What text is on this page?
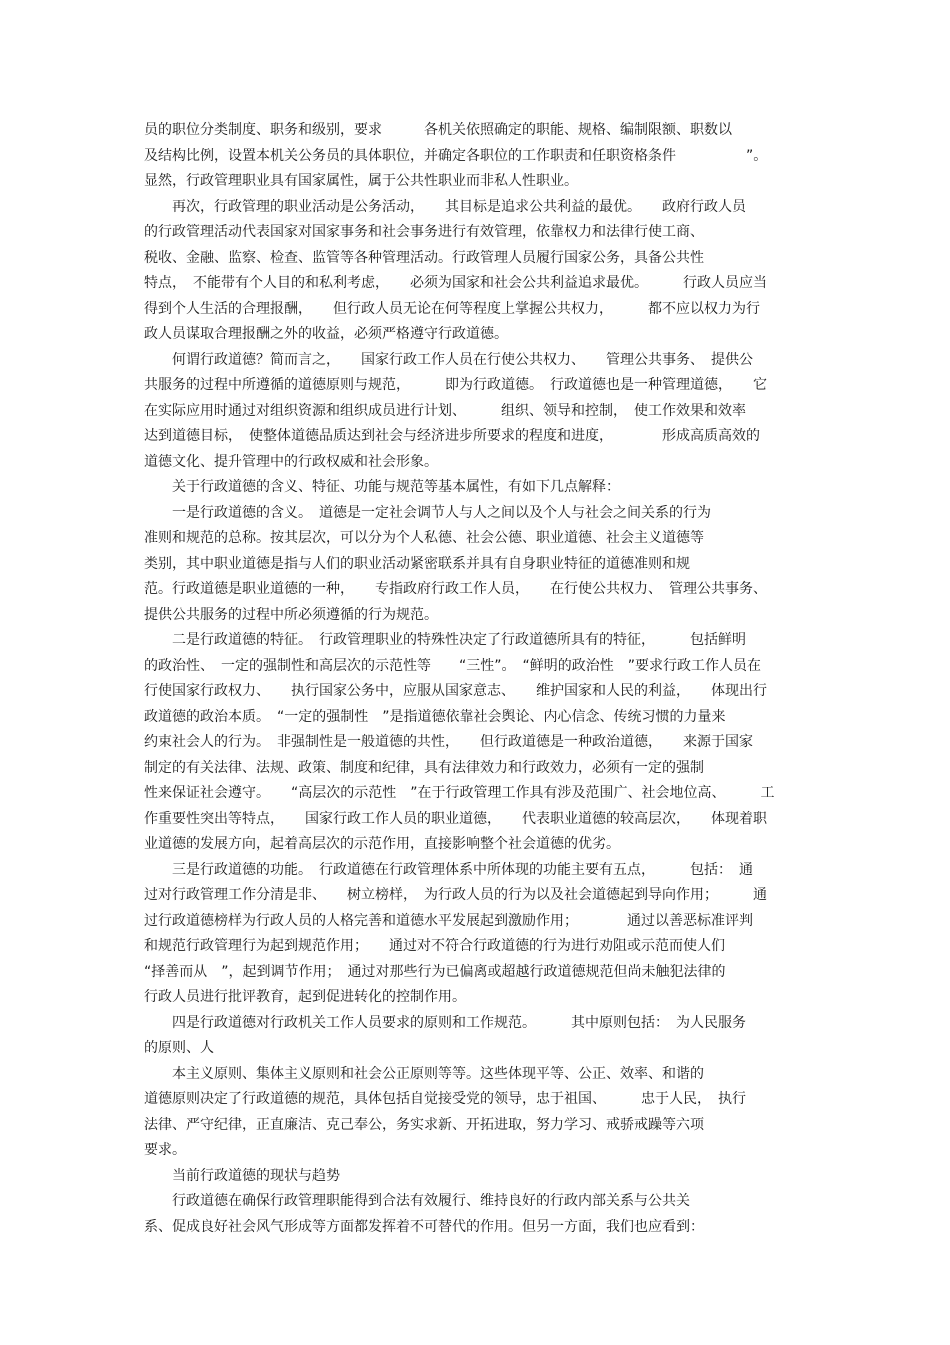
员的职位分类制度、职务和级别，要求　　　各机关依照确定的职能、规格、编制限额、职数以
及结构比例，设置本机关公务员的具体职位，并确定各职位的工作职责和任职资格条件　　　　　”。
显然，行政管理职业具有国家属性，属于公共性职业而非私人性职业。
　　再次，行政管理的职业活动是公务活动，　　其目标是追求公共利益的最优。　　政府行政人员
的行政管理活动代表国家对国家事务和社会事务进行有效管理，依靠权力和法律行使工商、
税收、金融、监察、检查、监管等各种管理活动。行政管理人员履行国家公务，具备公共性
特点，　不能带有个人目的和私利考虑，　　必须为国家和社会公共利益追求最优。　　　行政人员应当
得到个人生活的合理报酬，　　但行政人员无论在何等程度上掌握公共权力，　　　都不应以权力为行
政人员谋取合理报酬之外的收益，必须严格遵守行政道德。
　　何谓行政道德？简而言之，　　国家行政工作人员在行使公共权力、　　管理公共事务、　提供公
共服务的过程中所遵循的道德原则与规范，　　　即为行政道德。　行政道德也是一种管理道德，　　它
在实际应用时通过对组织资源和组织成员进行计划、　　　组织、领导和控制，　使工作效果和效率
达到道德目标，　使整体道德品质达到社会与经济进步所要求的程度和进度，　　　　形成高质高效的
道德文化、提升管理中的行政权威和社会形象。
　　关于行政道德的含义、特征、功能与规范等基本属性，有如下几点解释：
　　一是行政道德的含义。　道德是一定社会调节人与人之间以及个人与社会之间关系的行为
准则和规范的总称。按其层次，可以分为个人私德、社会公德、职业道德、社会主义道德等
类别，其中职业道德是指与人们的职业活动紧密联系并具有自身职业特征的道德准则和规
范。行政道德是职业道德的一种，　　专指政府行政工作人员，　　在行使公共权力、　管理公共事务、
提供公共服务的过程中所必须遵循的行为规范。
　　二是行政道德的特征。　行政管理职业的特殊性决定了行政道德所具有的特征，　　　包括鲜明
的政治性、　一定的强制性和高层次的示范性等　　“三性”。　“鲜明的政治性　”要求行政工作人员在
行使国家行政权力、　　执行国家公务中，应服从国家意志、　　维护国家和人民的利益，　　体现出行
政道德的政治本质。　“一定的强制性　”是指道德依靠社会舆论、内心信念、传统习惯的力量来
约束社会人的行为。　非强制性是一般道德的共性，　　但行政道德是一种政治道德，　　来源于国家
制定的有关法律、法规、政策、制度和纪律，具有法律效力和行政效力，必须有一定的强制
性来保证社会遵守。　　“高层次的示范性　”在于行政管理工作具有涉及范围广、社会地位高、　　　工
作重要性突出等特点，　　国家行政工作人员的职业道德，　　代表职业道德的较高层次，　　体现着职
业道德的发展方向，起着高层次的示范作用，直接影响整个社会道德的优劣。
　　三是行政道德的功能。　行政道德在行政管理体系中所体现的功能主要有五点，　　　包括：　通
过对行政管理工作分清是非、　　树立榜样，　为行政人员的行为以及社会道德起到导向作用；　　　通
过行政道德榜样为行政人员的人格完善和道德水平发展起到激励作用；　　　　通过以善恶标准评判
和规范行政管理行为起到规范作用；　　通过对不符合行政道德的行为进行劝阻或示范而使人们
“择善而从　”，起到调节作用；　通过对那些行为已偏离或超越行政道德规范但尚未触犯法律的
行政人员进行批评教育，起到促进转化的控制作用。
　　四是行政道德对行政机关工作人员要求的原则和工作规范。　　　其中原则包括：　为人民服务
的原则、人
　　本主义原则、集体主义原则和社会公正原则等等。这些体现平等、公正、效率、和谐的
道德原则决定了行政道德的规范，具体包括自觉接受党的领导，忠于祖国、　　　忠于人民，　执行
法律、严守纪律，正直廉洁、克己奉公，务实求新、开拓进取，努力学习、戒骄戒躁等六项
要求。
　　当前行政道德的现状与趋势
　　行政道德在确保行政管理职能得到合法有效履行、维持良好的行政内部关系与公共关
系、促成良好社会风气形成等方面都发挥着不可替代的作用。但另一方面，我们也应看到：
